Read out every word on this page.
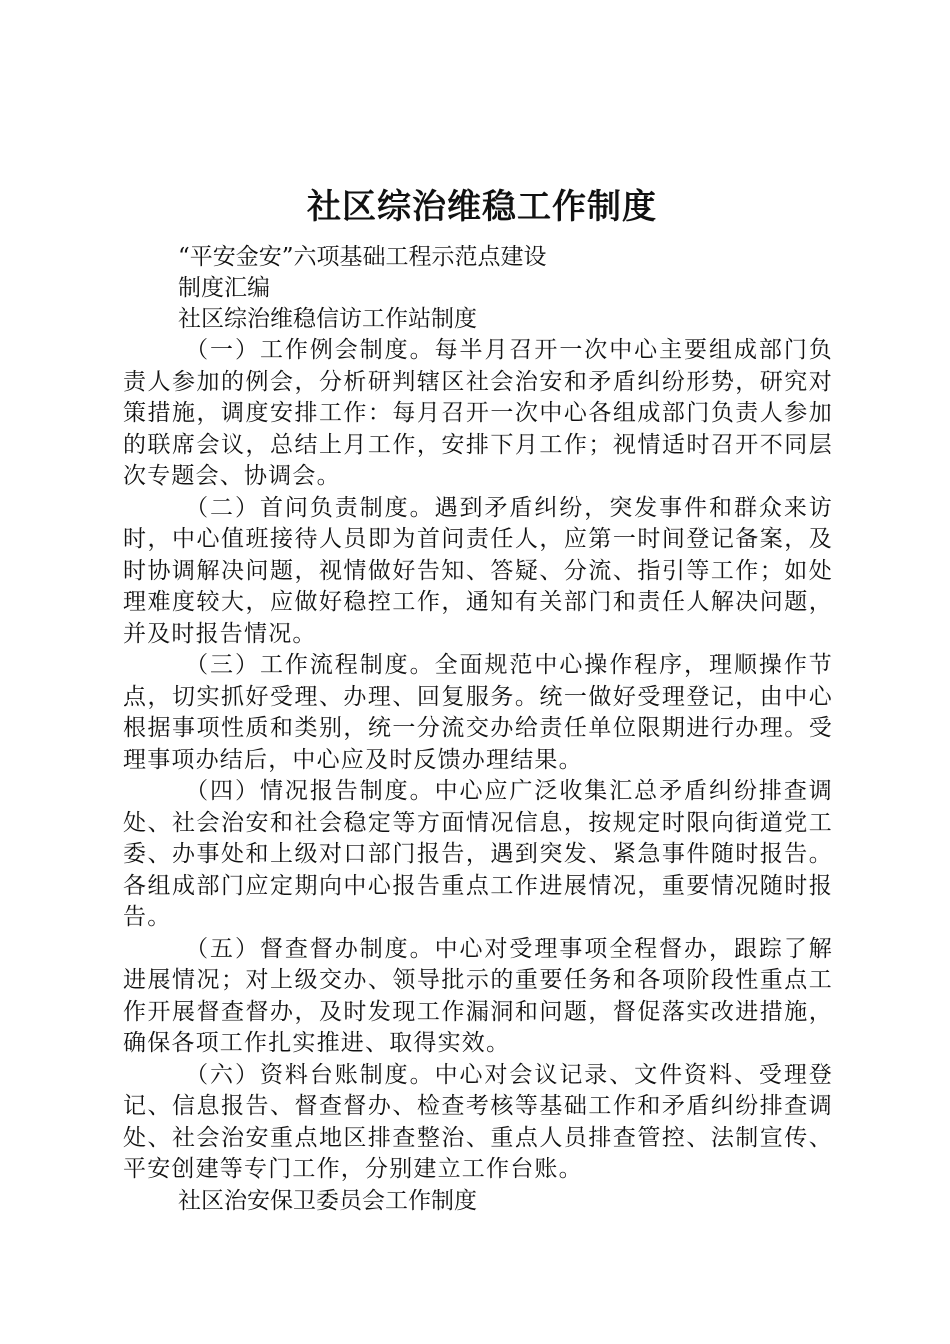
社区综治维稳工作制度

“平安金安”六项基础工程示范点建设

制度汇编

社区综治维稳信访工作站制度

（一）工作例会制度。每半月召开一次中心主要组成部门负责人参加的例会，分析研判辖区社会治安和矛盾纠纷形势，研究对策措施，调度安排工作：每月召开一次中心各组成部门负责人参加的联席会议，总结上月工作，安排下月工作；视情适时召开不同层次专题会、协调会。

（二）首问负责制度。遇到矛盾纠纷，突发事件和群众来访时，中心值班接待人员即为首问责任人，应第一时间登记备案，及时协调解决问题，视情做好告知、答疑、分流、指引等工作；如处理难度较大，应做好稳控工作，通知有关部门和责任人解决问题，并及时报告情况。

（三）工作流程制度。全面规范中心操作程序，理顺操作节点，切实抓好受理、办理、回复服务。统一做好受理登记，由中心根据事项性质和类别，统一分流交办给责任单位限期进行办理。受理事项办结后，中心应及时反馈办理结果。

（四）情况报告制度。中心应广泛收集汇总矛盾纠纷排查调处、社会治安和社会稳定等方面情况信息，按规定时限向街道党工委、办事处和上级对口部门报告，遇到突发、紧急事件随时报告。各组成部门应定期向中心报告重点工作进展情况，重要情况随时报告。

（五）督查督办制度。中心对受理事项全程督办，跟踪了解进展情况；对上级交办、领导批示的重要任务和各项阶段性重点工作开展督查督办，及时发现工作漏洞和问题，督促落实改进措施，确保各项工作扎实推进、取得实效。

（六）资料台账制度。中心对会议记录、文件资料、受理登记、信息报告、督查督办、检查考核等基础工作和矛盾纠纷排查调处、社会治安重点地区排查整治、重点人员排查管控、法制宣传、平安创建等专门工作，分别建立工作台账。

社区治安保卫委员会工作制度
